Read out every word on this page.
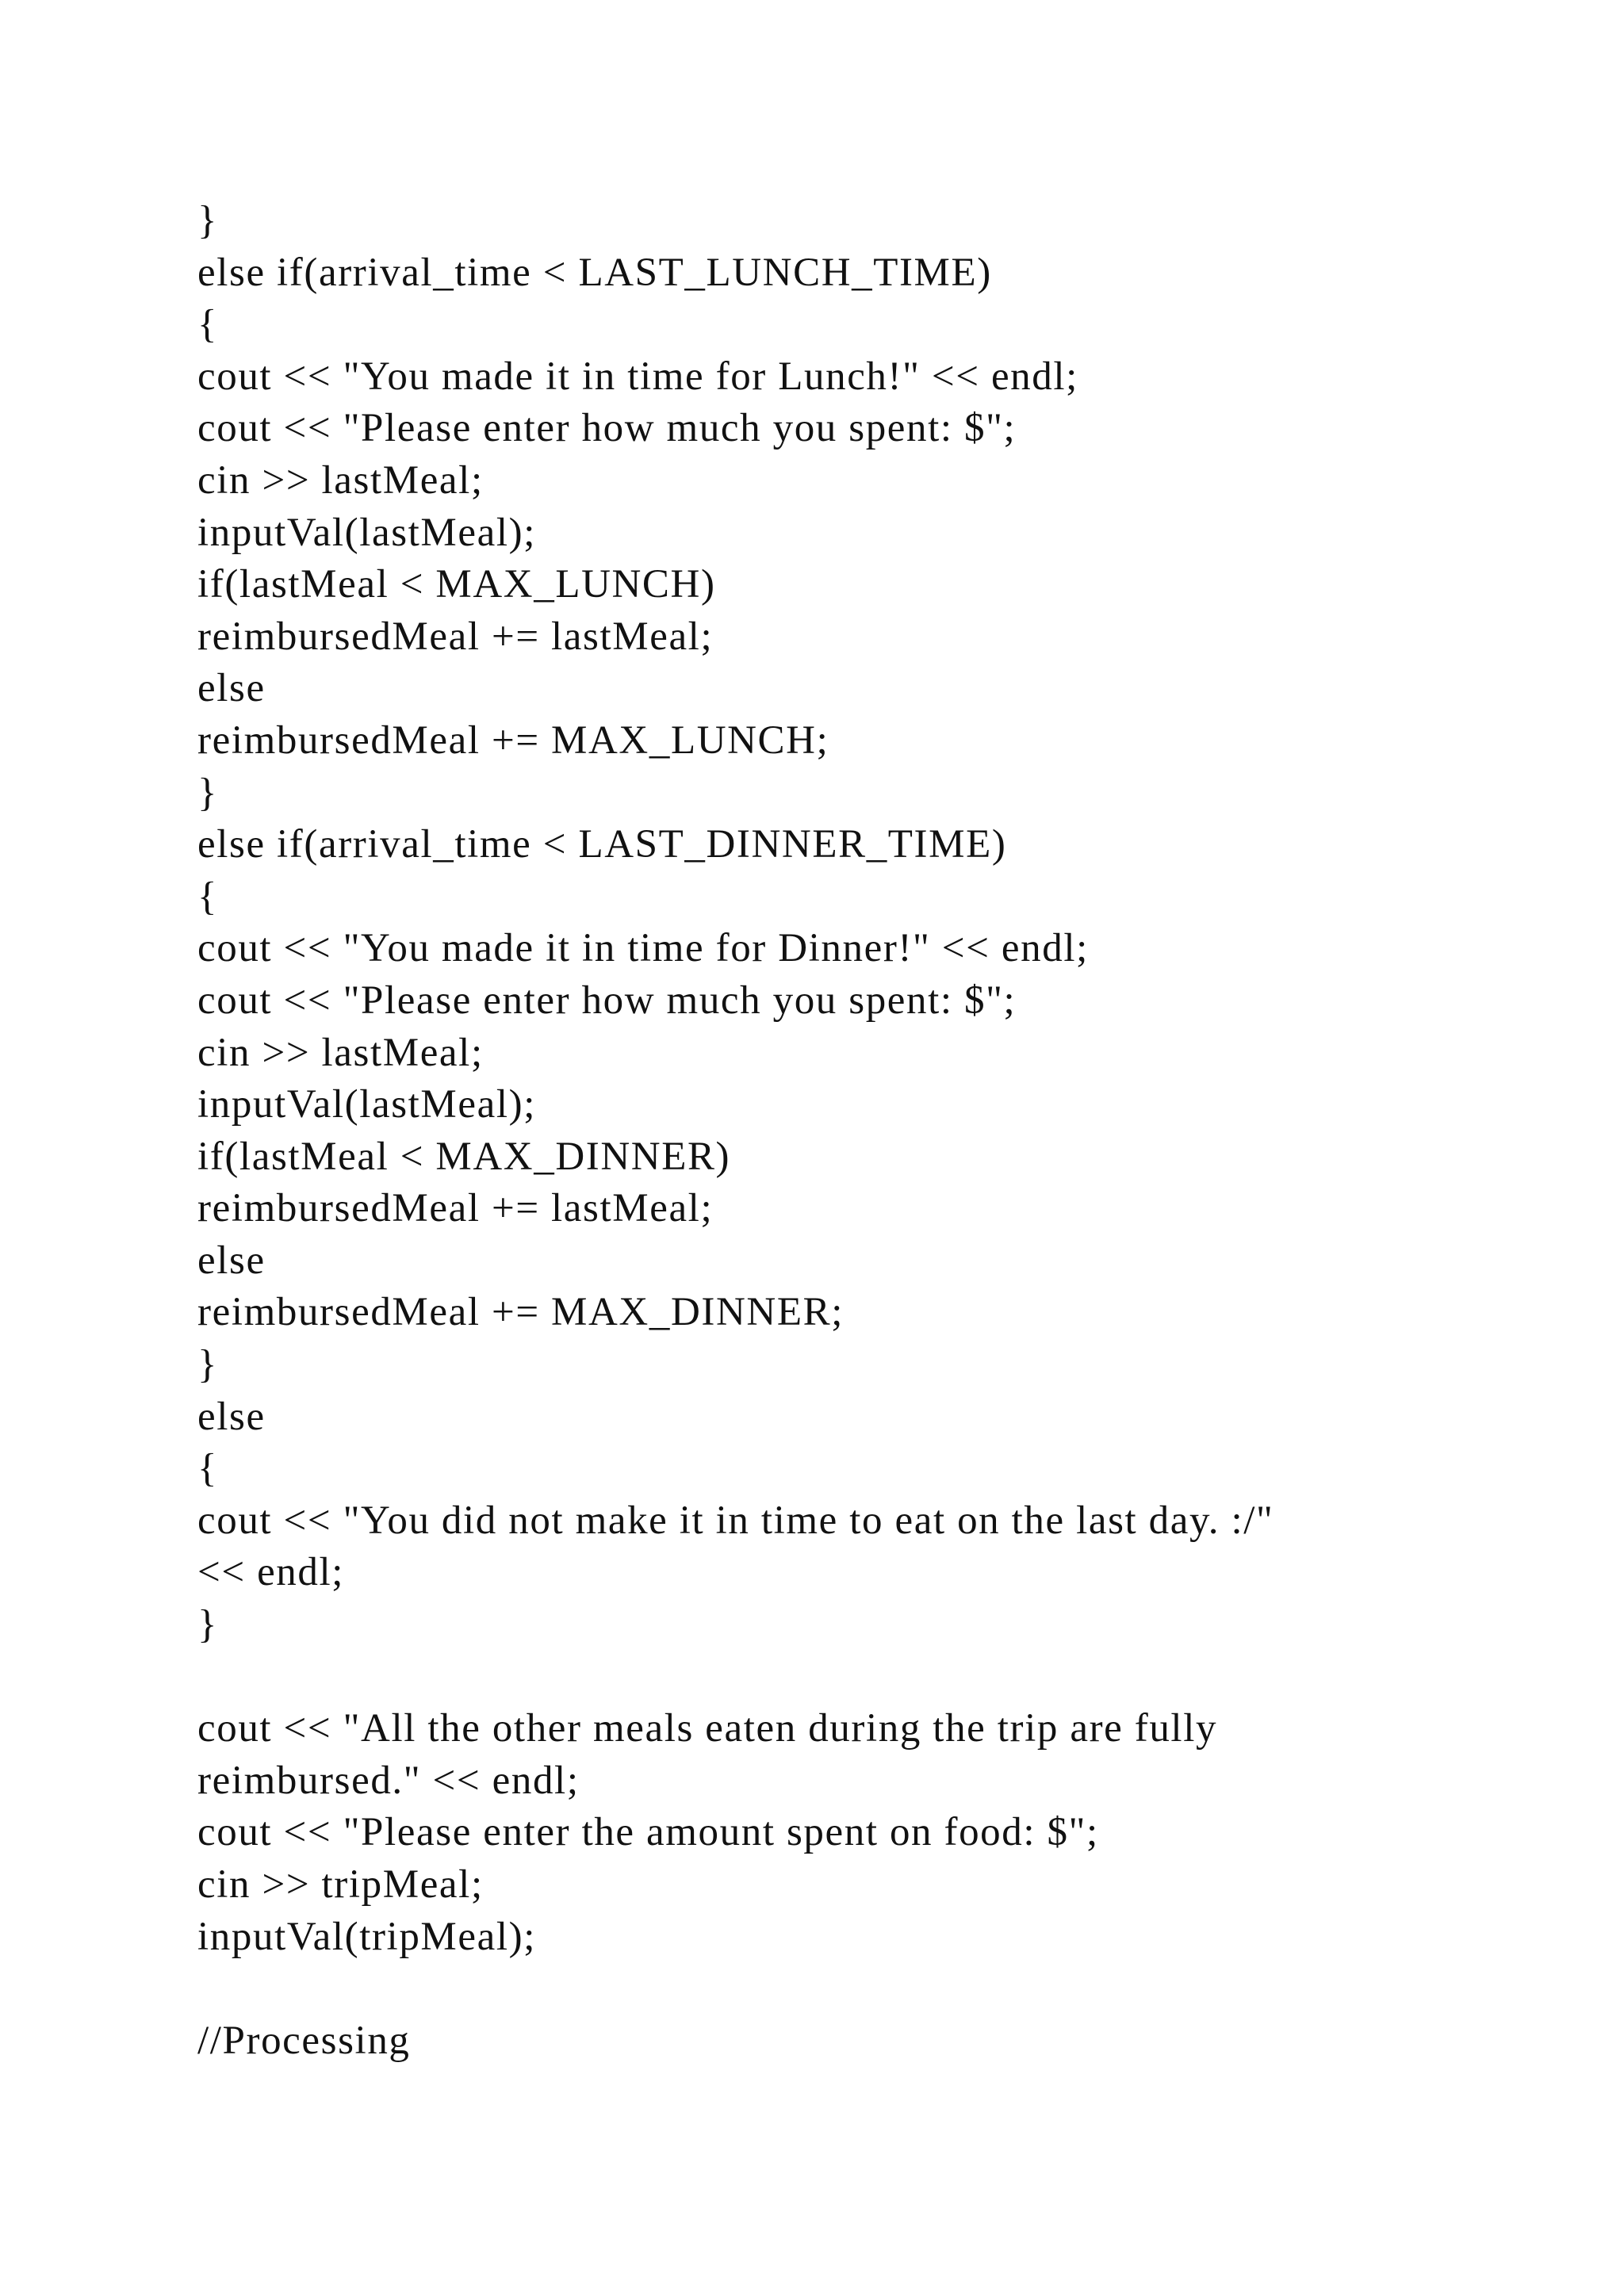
}
else if(arrival_time < LAST_LUNCH_TIME)
{
cout << "You made it in time for Lunch!" << endl;
cout << "Please enter how much you spent: $";
cin >> lastMeal;
inputVal(lastMeal);
if(lastMeal < MAX_LUNCH)
reimbursedMeal += lastMeal;
else
reimbursedMeal += MAX_LUNCH;
}
else if(arrival_time < LAST_DINNER_TIME)
{
cout << "You made it in time for Dinner!" << endl;
cout << "Please enter how much you spent: $";
cin >> lastMeal;
inputVal(lastMeal);
if(lastMeal < MAX_DINNER)
reimbursedMeal += lastMeal;
else
reimbursedMeal += MAX_DINNER;
}
else
{
cout << "You did not make it in time to eat on the last day. :/"
<< endl;
}
cout << "All the other meals eaten during the trip are fully
reimbursed." << endl;
cout << "Please enter the amount spent on food: $";
cin >> tripMeal;
inputVal(tripMeal);
//Processing
